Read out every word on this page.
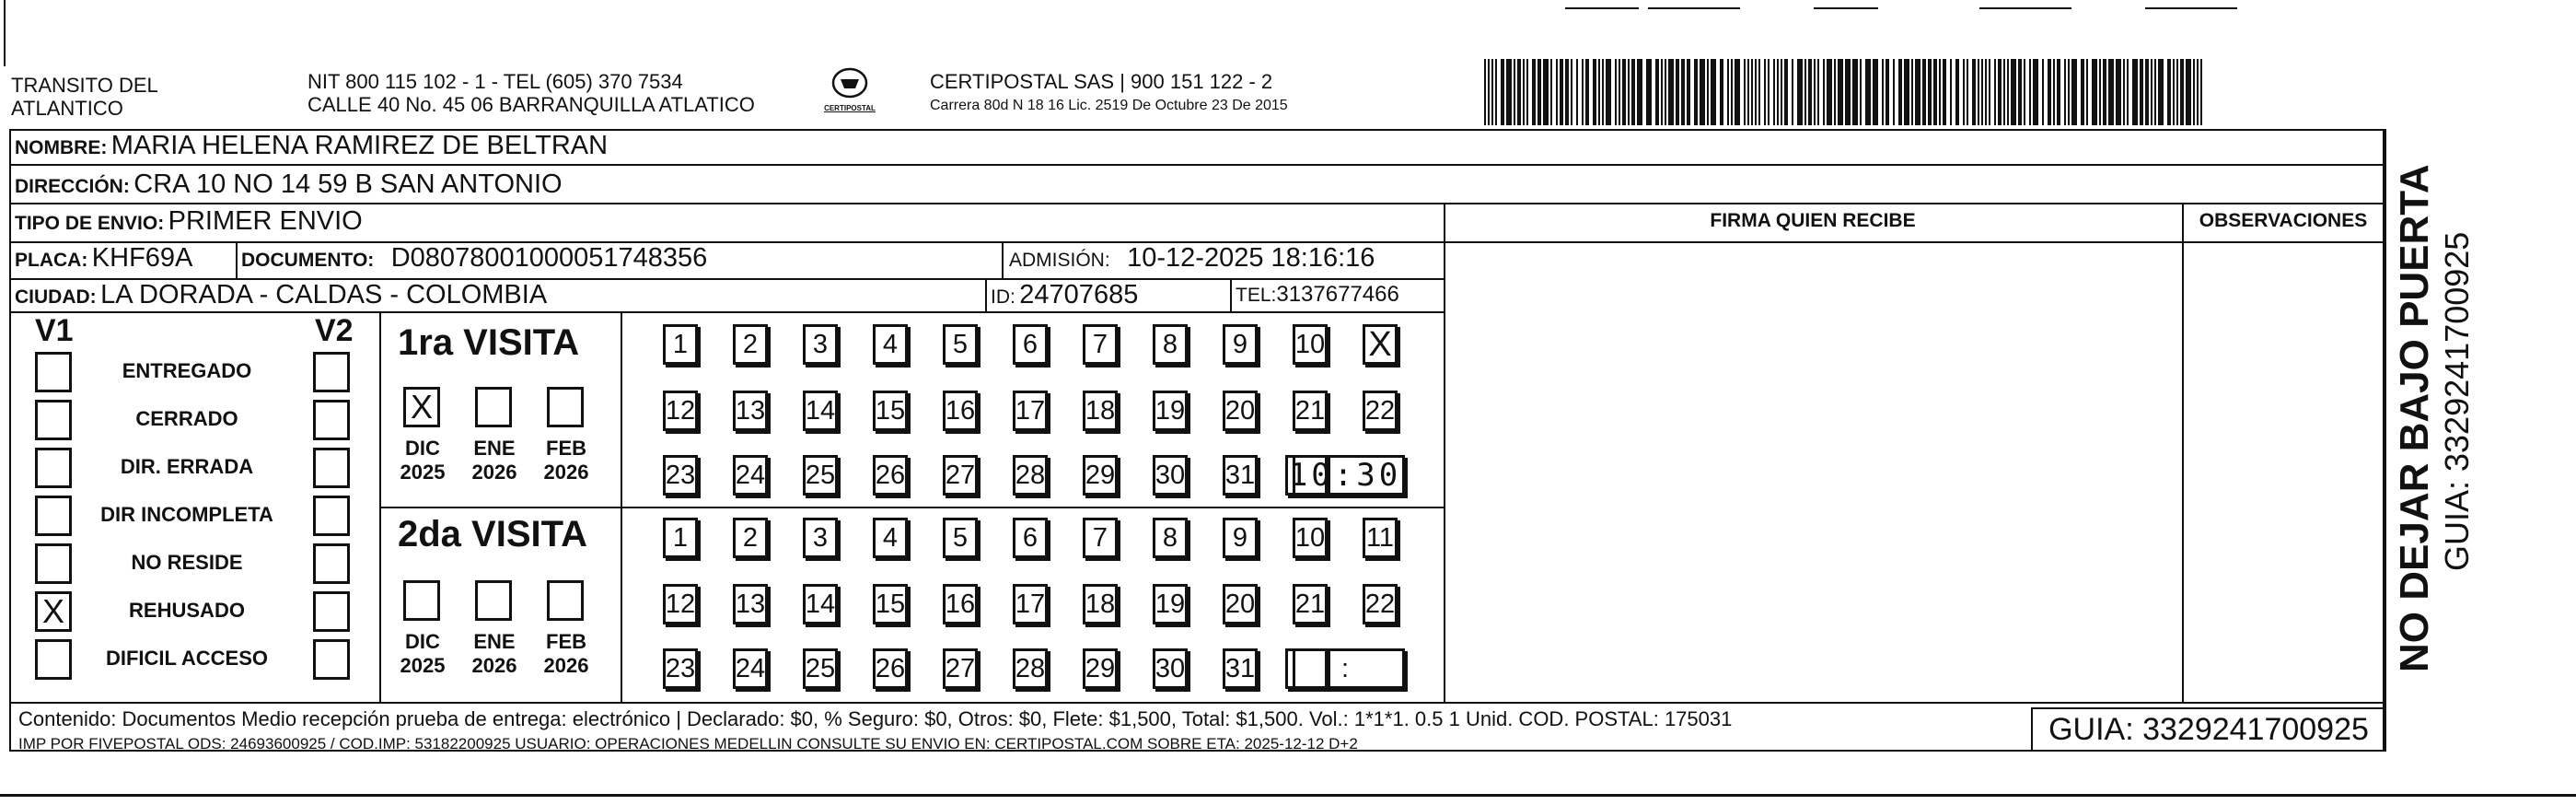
TRANSITO DEL
ATLANTICO
NIT 800 115 102 - 1 - TEL (605) 370 7534
CALLE 40 No. 45 06 BARRANQUILLA ATLATICO	CERTIPOSTAL
CERTIPOSTAL SAS | 900 151 122 - 2
Carrera 80d N 18 16 Lic. 2519 De Octubre 23 De 2015
NOMBRE: MARIA HELENA RAMIREZ DE BELTRAN
DIRECCIÓN: CRA 10 NO 14 59 B SAN ANTONIO
TIPO DE ENVIO: PRIMER ENVIO
PLACA: KHF69A	DOCUMENTO: D08078001000051748356	ADMISIÓN: 10-12-2025 18:16:16
CIUDAD: LA DORADA - CALDAS - COLOMBIA	ID: 24707685	TEL:3137677466
FIRMA QUIEN RECIBE	OBSERVACIONES
V1	V2
ENTREGADO
CERRADO
DIR. ERRADA
DIR INCOMPLETA
NO RESIDE
X	REHUSADO
DIFICIL ACCESO
1ra VISITA
2da VISITA
X
DIC
2025
ENE
2026
FEB
2026
1	2	3	4	5	6	7	8	9	10 X
12 13 14 15 16 17 18 19 20 21 22
23 24 25 26 27 28 29 30 31 10:30
DIC
2025
ENE
2026
FEB
2026
1	2	3	4	5	6	7	8	9	10 11
12 13 14 15 16 17 18 19 20 21 22
23 24 25 26 27 28 29 30 31	:
Contenido: Documentos Medio recepción prueba de entrega: electrónico | Declarado: $0, % Seguro: $0, Otros: $0, Flete: $1,500, Total: $1,500. Vol.: 1*1*1. 0.5 1 Unid. COD. POSTAL: 175031
IMP POR FIVEPOSTAL ODS: 24693600925 / COD.IMP: 53182200925 USUARIO: OPERACIONES MEDELLIN CONSULTE SU ENVIO EN: CERTIPOSTAL.COM SOBRE ETA: 2025-12-12 D+2	GUIA: 3329241700925
NO DEJAR BAJO PUERTA GUIA: 3329241700925
